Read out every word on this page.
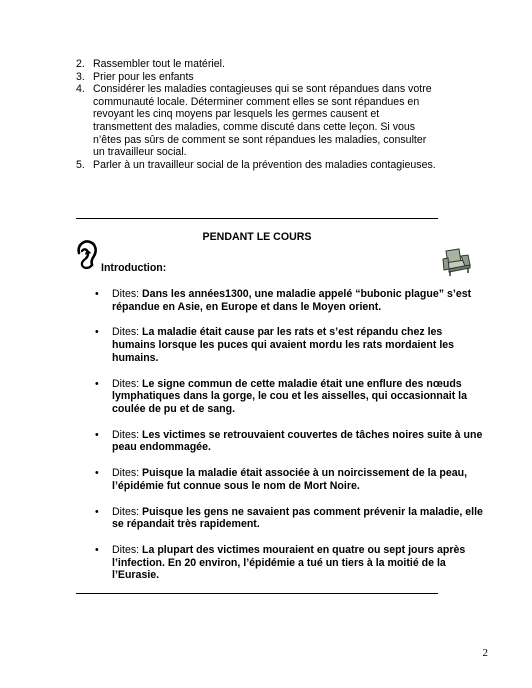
2. Rassembler tout le matériel.
3. Prier pour les enfants
4. Considérer les maladies contagieuses qui se sont répandues dans votre communauté locale. Déterminer comment elles se sont répandues en revoyant les cinq moyens par lesquels les germes causent et transmettent des maladies, comme discuté dans cette leçon. Si vous n’êtes pas sûrs de comment se sont répandues les maladies, consulter un travailleur social.
5. Parler à un travailleur social de la prévention des maladies contagieuses.
PENDANT LE COURS
Introduction:
• Dites: Dans les années1300, une maladie appelé “bubonic plague” s’est répandue en Asie, en Europe et dans le Moyen orient.
• Dites: La maladie était cause par les rats et s’est répandu chez les humains lorsque les puces qui avaient mordu les rats mordaient les humains.
• Dites: Le signe commun de cette maladie était une enflure des nœuds lymphatiques dans la gorge, le cou et les aisselles, qui occasionnait la coulée de pu et de sang.
• Dites: Les victimes se retrouvaient couvertes de tâches noires suite à une peau endommagée.
• Dites: Puisque la maladie était associée à un noircissement de la peau, l’épidémie fut connue sous le nom de Mort Noire.
• Dites: Puisque les gens ne savaient pas comment prévenir la maladie, elle se répandait très rapidement.
• Dites: La plupart des victimes mouraient en quatre ou sept jours après l’infection. En 20 environ, l’épidémie a tué un tiers à la moitié de la l’Eurasie.
2
